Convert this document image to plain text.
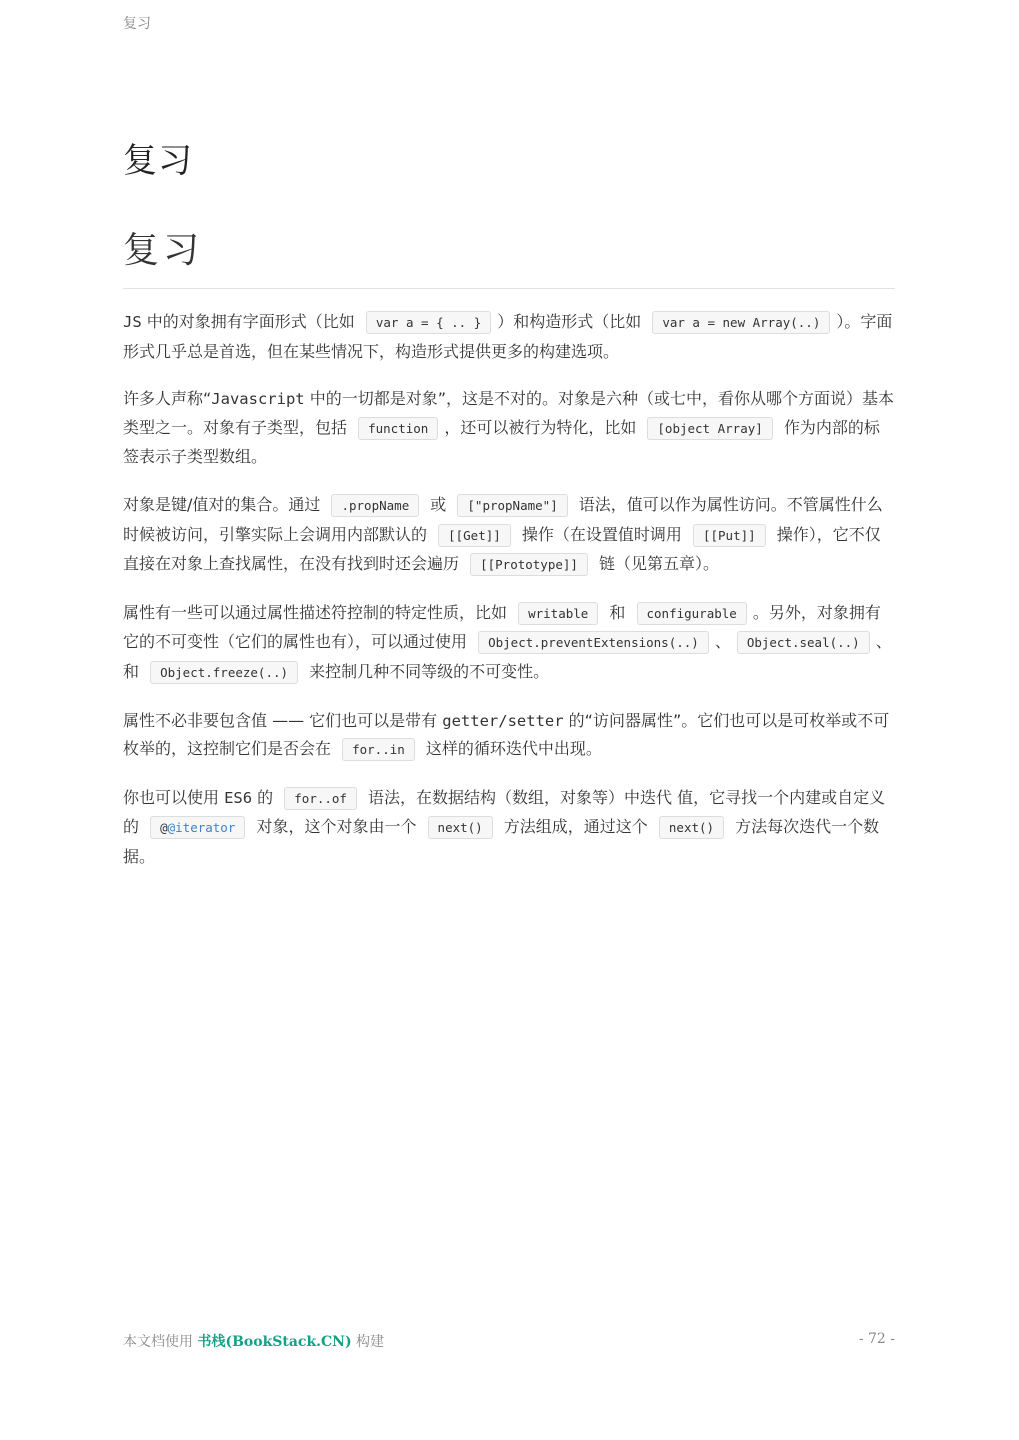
复习
复习
复习

JS 中的对象拥有字面形式（比如 var a = { .. } ）和构造形式（比如 var a = new Array(..) ）。字面形式几乎总是首选，但在某些情况下，构造形式提供更多的构建选项。

许多人声称“Javascript 中的一切都是对象”，这是不对的。对象是六种（或七中，看你从哪个方面说）基本类型之一。对象有子类型，包括 function ，还可以被行为特化，比如 [object Array] 作为内部的标签表示子类型数组。

对象是键/值对的集合。通过 .propName 或 ["propName"] 语法，值可以作为属性访问。不管属性什么时候被访问，引擎实际上会调用内部默认的 [[Get]] 操作（在设置值时调用 [[Put]] 操作），它不仅直接在对象上查找属性，在没有找到时还会遍历 [[Prototype]] 链（见第五章）。

属性有一些可以通过属性描述符控制的特定性质，比如 writable 和 configurable 。另外，对象拥有它的不可变性（它们的属性也有），可以通过使用 Object.preventExtensions(..) 、 Object.seal(..) 、和 Object.freeze(..) 来控制几种不同等级的不可变性。

属性不必非要包含值 —— 它们也可以是带有 getter/setter 的“访问器属性”。它们也可以是可枚举或不可枚举的，这控制它们是否会在 for..in 这样的循环迭代中出现。

你也可以使用 ES6 的 for..of 语法，在数据结构（数组，对象等）中迭代 值，它寻找一个内建或自定义的 @@iterator 对象，这个对象由一个 next() 方法组成，通过这个 next() 方法每次迭代一个数据。

本文档使用 书栈(BookStack.CN) 构建	- 72 -
